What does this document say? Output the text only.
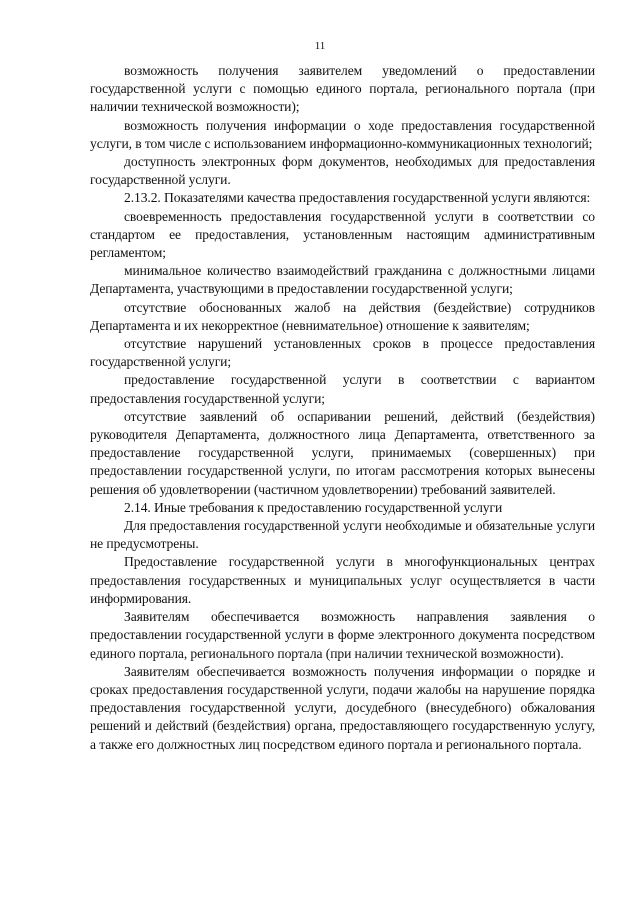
11

возможность получения заявителем уведомлений о предоставлении государственной услуги с помощью единого портала, регионального портала (при наличии технической возможности);

возможность получения информации о ходе предоставления государственной услуги, в том числе с использованием информационно-коммуникационных технологий;

доступность электронных форм документов, необходимых для предоставления государственной услуги.

2.13.2. Показателями качества предоставления государственной услуги являются:

своевременность предоставления государственной услуги в соответствии со стандартом ее предоставления, установленным настоящим административным регламентом;

минимальное количество взаимодействий гражданина с должностными лицами Департамента, участвующими в предоставлении государственной услуги;

отсутствие обоснованных жалоб на действия (бездействие) сотрудников Департамента и их некорректное (невнимательное) отношение к заявителям;

отсутствие нарушений установленных сроков в процессе предоставления государственной услуги;

предоставление государственной услуги в соответствии с вариантом предоставления государственной услуги;

отсутствие заявлений об оспаривании решений, действий (бездействия) руководителя Департамента, должностного лица Департамента, ответственного за предоставление государственной услуги, принимаемых (совершенных) при предоставлении государственной услуги, по итогам рассмотрения которых вынесены решения об удовлетворении (частичном удовлетворении) требований заявителей.

2.14. Иные требования к предоставлению государственной услуги

Для предоставления государственной услуги необходимые и обязательные услуги не предусмотрены.

Предоставление государственной услуги в многофункциональных центрах предоставления государственных и муниципальных услуг осуществляется в части информирования.

Заявителям обеспечивается возможность направления заявления о предоставлении государственной услуги в форме электронного документа посредством единого портала, регионального портала (при наличии технической возможности).

Заявителям обеспечивается возможность получения информации о порядке и сроках предоставления государственной услуги, подачи жалобы на нарушение порядка предоставления государственной услуги, досудебного (внесудебного) обжалования решений и действий (бездействия) органа, предоставляющего государственную услугу, а также его должностных лиц посредством единого портала и регионального портала.
